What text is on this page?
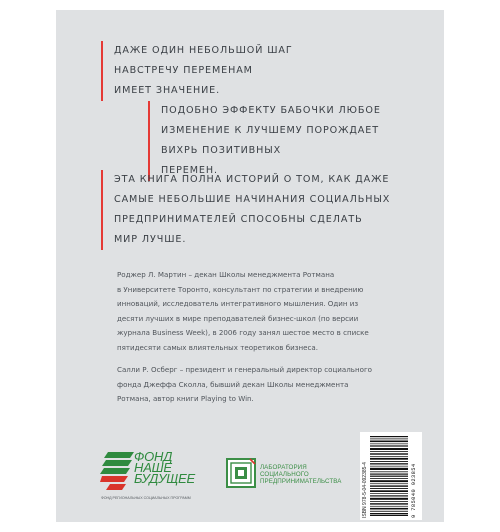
ДАЖЕ ОДИН НЕБОЛЬШОЙ ШАГ
НАВСТРЕЧУ ПЕРЕМЕНАМ
ИМЕЕТ ЗНАЧЕНИЕ.
ПОДОБНО ЭФФЕКТУ БАБОЧКИ ЛЮБОЕ
ИЗМЕНЕНИЕ К ЛУЧШЕМУ ПОРОЖДАЕТ
ВИХРЬ ПОЗИТИВНЫХ
ПЕРЕМЕН.
ЭТА КНИГА ПОЛНА ИСТОРИЙ О ТОМ, КАК ДАЖЕ
САМЫЕ НЕБОЛЬШИЕ НАЧИНАНИЯ СОЦИАЛЬНЫХ
ПРЕДПРИНИМАТЕЛЕЙ СПОСОБНЫ СДЕЛАТЬ
МИР ЛУЧШЕ.
Роджер Л. Мартин – декан Школы менеджмента Ротмана
в Университете Торонто, консультант по стратегии и внедрению
инноваций, исследователь интегративного мышления. Один из
десяти лучших в мире преподавателей бизнес-школ (по версии
журнала Business Week), в 2006 году занял шестое место в списке
пятидесяти самых влиятельных теоретиков бизнеса.
Салли Р. Осберг – президент и генеральный директор социального
фонда Джеффа Сколла, бывший декан Школы менеджмента
Ротмана, автор книги Playing to Win.
ФОНД
НАШЕ
БУДУЩЕЕ
ФОНД РЕГИОНАЛЬНЫХ СОЦИАЛЬНЫХ ПРОГРАММ
ЛАБОРАТОРИЯ
СОЦИАЛЬНОГО
ПРЕДПРИНИМАТЕЛЬСТВА	ISBN 978-5-04-092385-4	9 785040 923854
